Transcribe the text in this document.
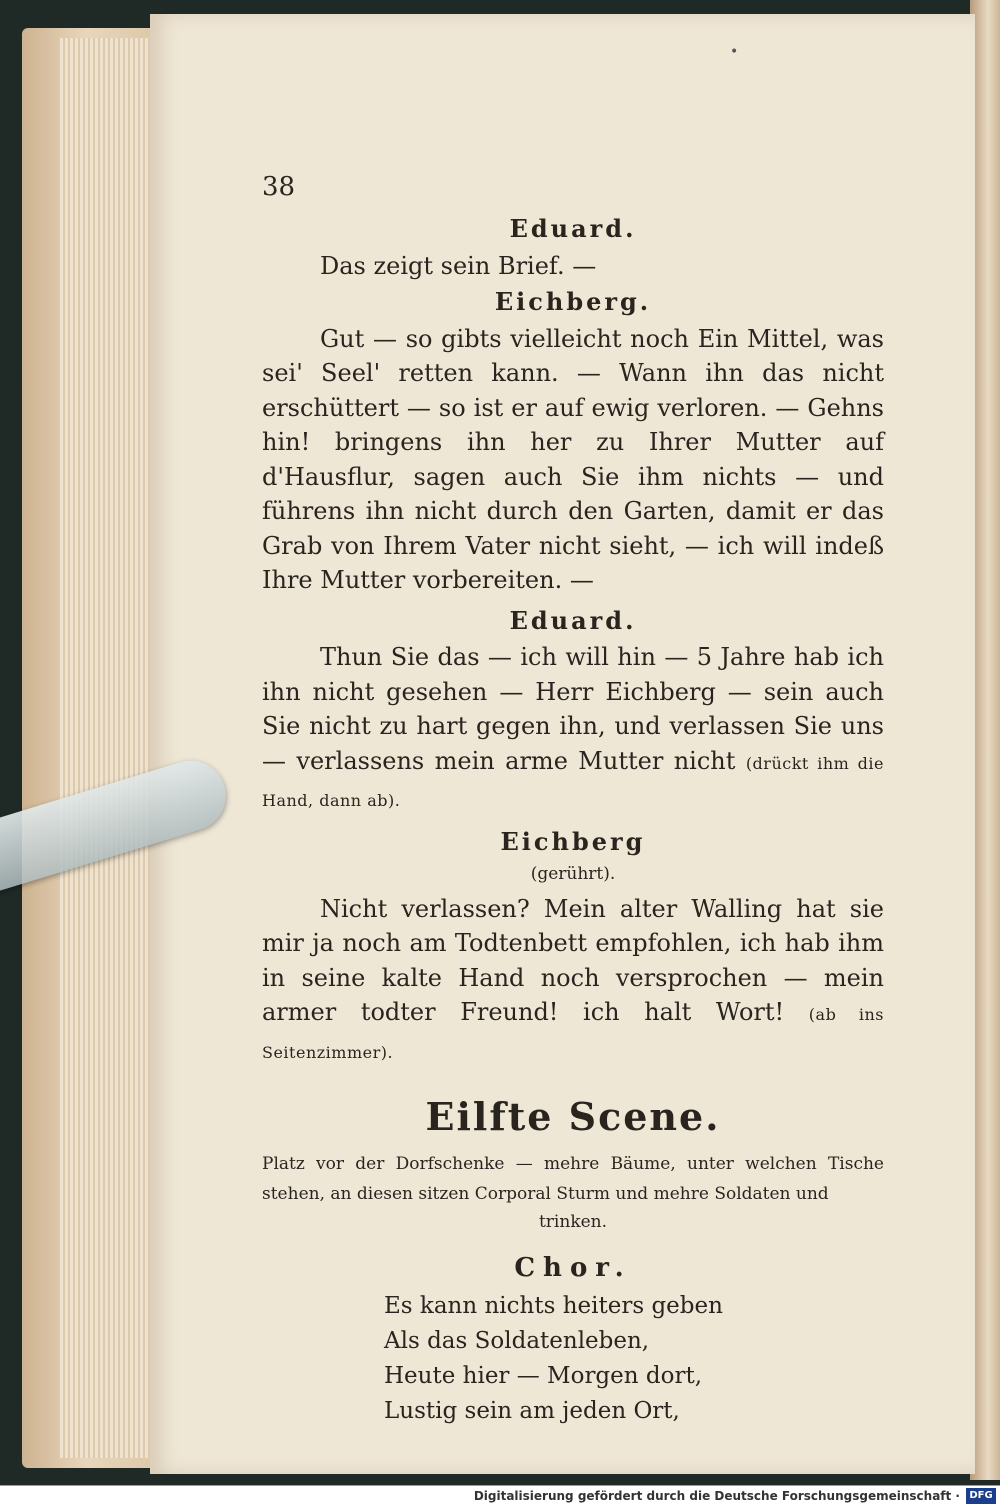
•
38
Eduard.
Das zeigt sein Brief. —
Eichberg.
Gut — so gibts vielleicht noch Ein Mittel, was sei' Seel' retten kann. — Wann ihn das nicht erschüttert — so ist er auf ewig verloren. — Gehns hin! bringens ihn her zu Ihrer Mutter auf d'Hausflur, sagen auch Sie ihm nichts — und führens ihn nicht durch den Garten, damit er das Grab von Ihrem Vater nicht sieht, — ich will indeß Ihre Mutter vorbereiten. —
Eduard.
Thun Sie das — ich will hin — 5 Jahre hab ich ihn nicht gesehen — Herr Eichberg — sein auch Sie nicht zu hart gegen ihn, und verlassen Sie uns — verlassens mein arme Mutter nicht (drückt ihm die Hand, dann ab).
Eichberg
(gerührt).
Nicht verlassen? Mein alter Walling hat sie mir ja noch am Todtenbett empfohlen, ich hab ihm in seine kalte Hand noch versprochen — mein armer todter Freund! ich halt Wort! (ab ins Seitenzimmer).
Eilfte Scene.
Platz vor der Dorfschenke — mehre Bäume, unter welchen Tische stehen, an diesen sitzen Corporal Sturm und mehre Soldaten und
trinken.
Chor.
Es kann nichts heiters geben
Als das Soldatenleben,
Heute hier — Morgen dort,
Lustig sein am jeden Ort,
Digitalisierung gefördert durch die Deutsche Forschungsgemeinschaft · DFG
